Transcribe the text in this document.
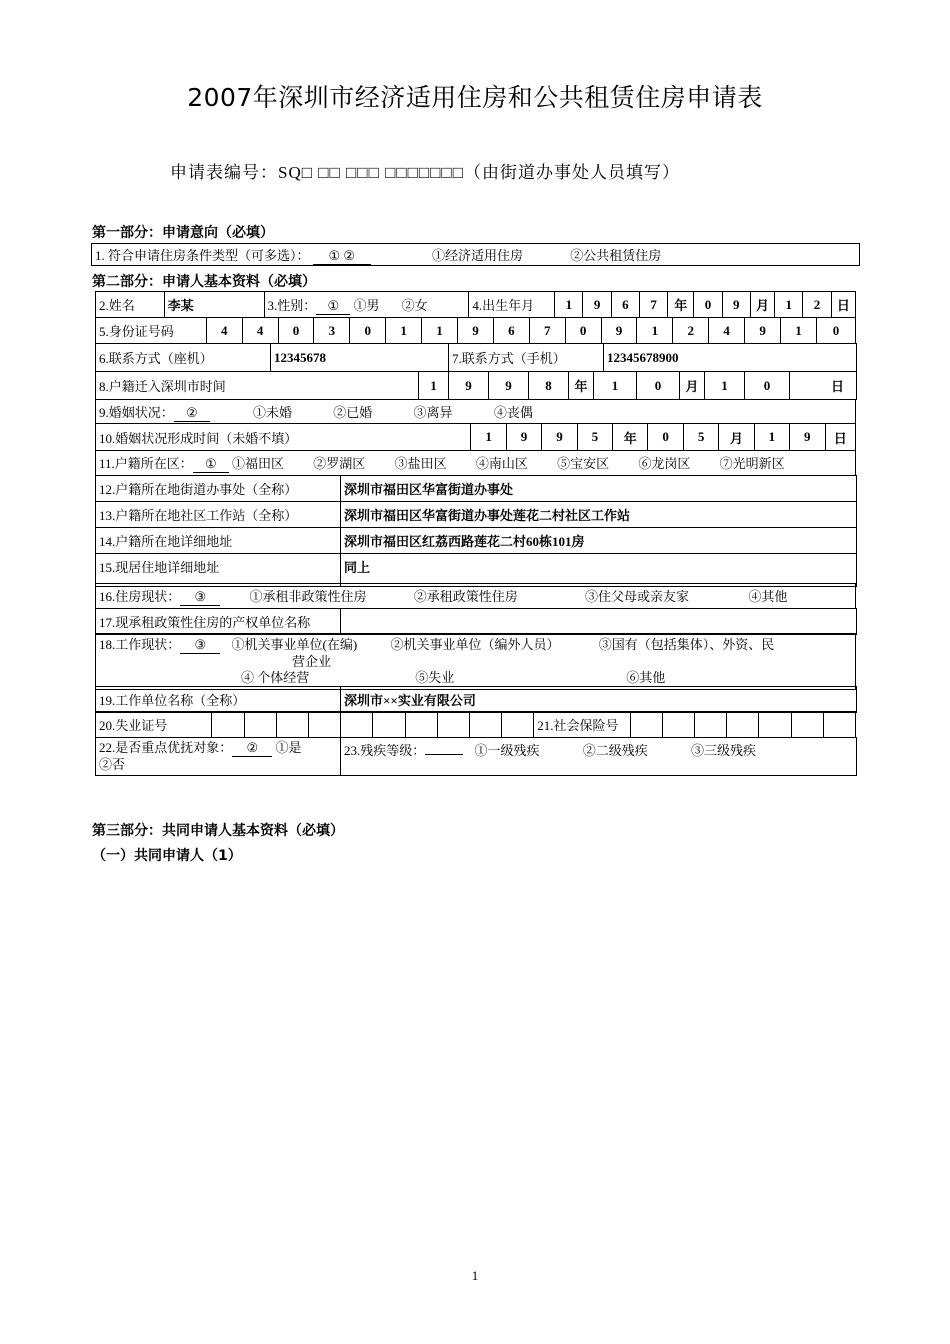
2007年深圳市经济适用住房和公共租赁住房申请表
申请表编号：SQ□ □□ □□□ □□□□□□□（由街道办事处人员填写）
第一部分：申请意向（必填）
1. 符合申请住房条件类型（可多选）： ① ②	①经济适用住房	②公共租赁住房
第二部分：申请人基本资料（必填）
2.姓名	李某	3.性别： ① ①男 ②女	4.出生年月	1	9	6	7	年	0	9	月	1	2	日
5.身份证号码	4	4	0	3	0	1	1	9	6	7	0	9	1	2	4	9	1	0
6.联系方式（座机）	12345678	7.联系方式（手机）	12345678900
8.户籍迁入深圳市时间	1	9	9	8	年	1	0	月	1	0	日
9.婚姻状况： ②	①未婚	②已婚	③离异	④丧偶
10.婚姻状况形成时间（未婚不填）	1	9	9	5	年	0	5	月	1	9	日
11.户籍所在区： ① ①福田区 ②罗湖区 ③盐田区 ④南山区 ⑤宝安区 ⑥龙岗区 ⑦光明新区
12.户籍所在地街道办事处（全称）	深圳市福田区华富街道办事处
13.户籍所在地社区工作站（全称）	深圳市福田区华富街道办事处莲花二村社区工作站
14.户籍所在地详细地址	深圳市福田区红荔西路莲花二村60栋101房
15.现居住地详细地址	同上
16.住房现状： ③	①承租非政策性住房	②承租政策性住房	③住父母或亲友家	④其他
17.现承租政策性住房的产权单位名称	
18.工作现状： ③ ①机关事业单位(在编)	②机关事业单位（编外人员）	③国有（包括集体）、外资、民
营企业
④ 个体经营	⑤失业	⑥其他
19.工作单位名称（全称）	深圳市××实业有限公司
20.失业证号											21.社会保险号							
22.是否重点优抚对象： ② ①是
②否	23.残疾等级：	①一级残疾	②二级残疾	③三级残疾
第三部分：共同申请人基本资料（必填）
（一）共同申请人（1）
1
